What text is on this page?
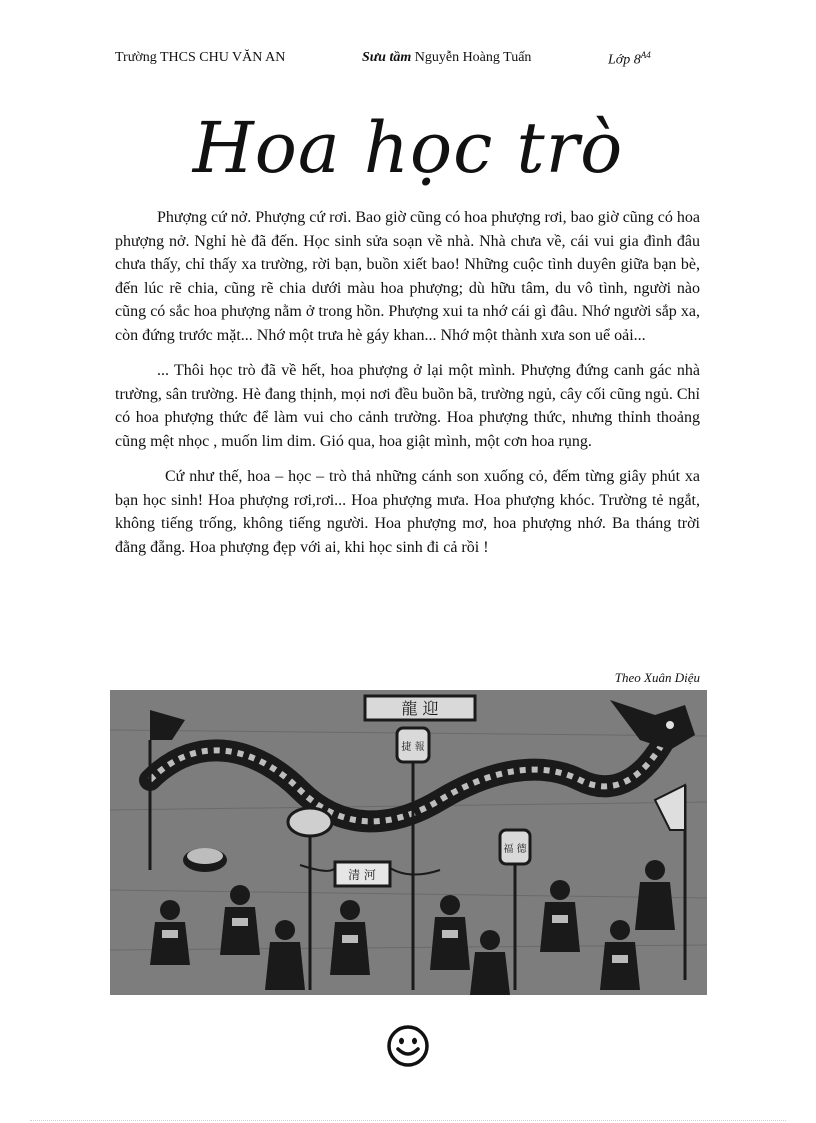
Trường THCS CHU VĂN AN	Sưu tầm Nguyễn Hoàng Tuấn	Lớp $8^{A4}$
Hoa học trò

Phượng cứ nở. Phượng cứ rơi. Bao giờ cũng có hoa phượng rơi, bao giờ cũng có hoa phượng nở. Nghỉ hè đã đến. Học sinh sửa soạn về nhà. Nhà chưa về, cái vui gia đình đâu chưa thấy, chỉ thấy xa trường, rời bạn, buồn xiết bao! Những cuộc tình duyên giữa bạn bè, đến lúc rẽ chia, cũng rẽ chia dưới màu hoa phượng; dù hữu tâm, du vô tình, người nào cũng có sắc hoa phượng nằm ở trong hồn. Phượng xui ta nhớ cái gì đâu. Nhớ người sắp xa, còn đứng trước mặt... Nhớ một trưa hè gáy khan... Nhớ một thành xưa son uể oải...

... Thôi học trò đã về hết, hoa phượng ở lại một mình. Phượng đứng canh gác nhà trường, sân trường. Hè đang thịnh, mọi nơi đều buồn bã, trường ngủ, cây cối cũng ngủ. Chỉ có hoa phượng thức để làm vui cho cảnh trường. Hoa phượng thức, nhưng thỉnh thoảng cũng mệt nhọc , muốn lim dim. Gió qua, hoa giật mình, một cơn hoa rụng.

Cứ như thế, hoa – học – trò thả những cánh son xuống cỏ, đếm từng giây phút xa bạn học sinh! Hoa phượng rơi,rơi... Hoa phượng mưa. Hoa phượng khóc. Trường tẻ ngắt, không tiếng trống, không tiếng người. Hoa phượng mơ, hoa phượng nhớ. Ba tháng trời đằng đẵng. Hoa phượng đẹp với ai, khi học sinh đi cả rồi !

Theo Xuân Diệu
龍 迎
捷 報
福 德
清 河
